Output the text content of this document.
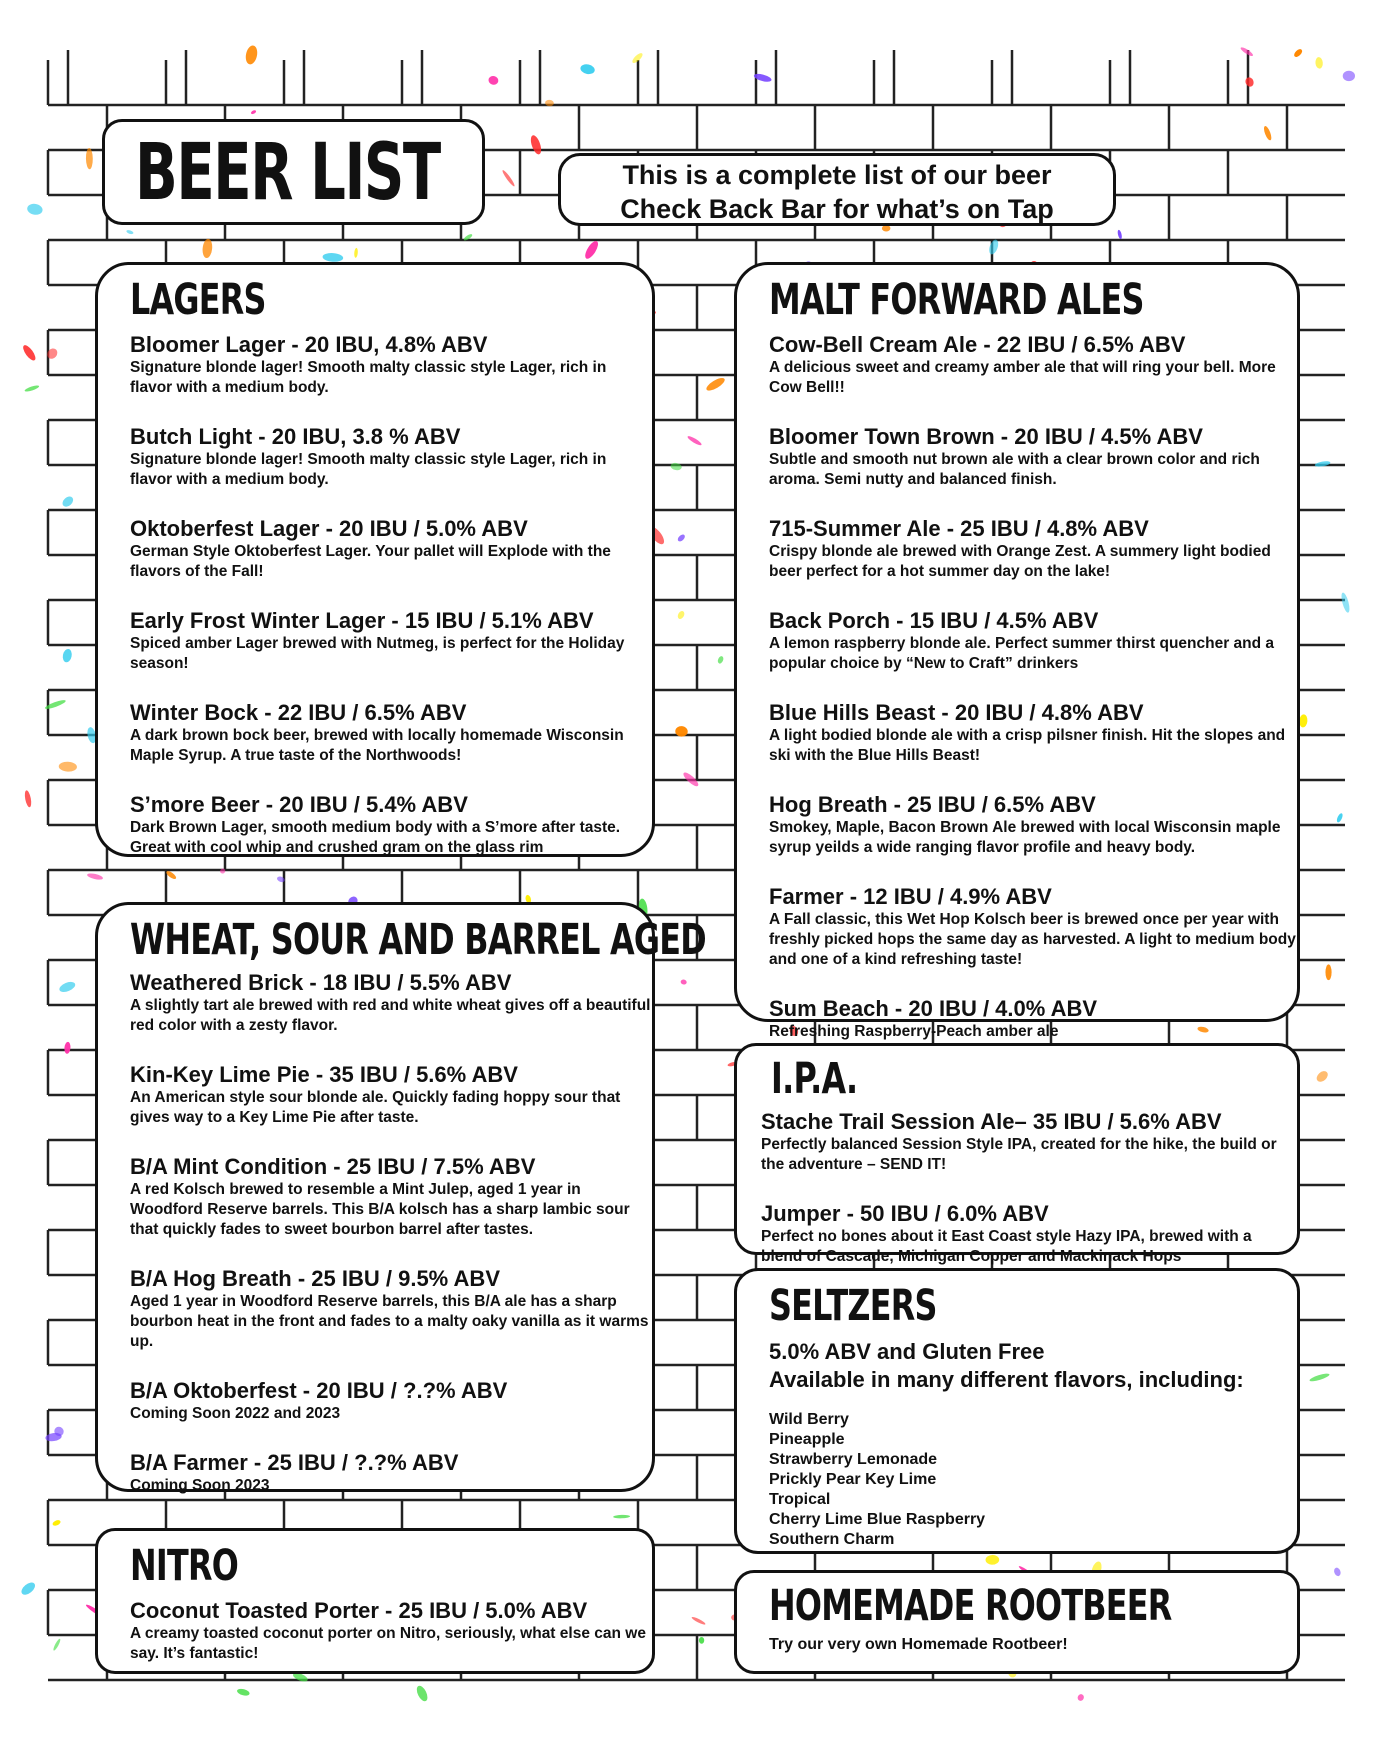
BEER LIST	This is a complete list of our beer
Check Back Bar for what’s on Tap
LAGERS
Bloomer Lager - 20 IBU, 4.8% ABV
Signature blonde lager! Smooth malty classic style Lager, rich in flavor with a medium body.
Butch Light - 20 IBU, 3.8 % ABV
Signature blonde lager! Smooth malty classic style Lager, rich in flavor with a medium body.
Oktoberfest Lager - 20 IBU / 5.0% ABV
German Style Oktoberfest Lager. Your pallet will Explode with the flavors of the Fall!
Early Frost Winter Lager - 15 IBU / 5.1% ABV
Spiced amber Lager brewed with Nutmeg, is perfect for the Holiday season!
Winter Bock - 22 IBU / 6.5% ABV
A dark brown bock beer, brewed with locally homemade Wisconsin Maple Syrup. A true taste of the Northwoods!
S’more Beer - 20 IBU / 5.4% ABV
Dark Brown Lager, smooth medium body with a S’more after taste. Great with cool whip and crushed gram on the glass rim
WHEAT, SOUR AND BARREL AGED
Weathered Brick - 18 IBU / 5.5% ABV
A slightly tart ale brewed with red and white wheat gives off a beautiful red color with a zesty flavor.
Kin-Key Lime Pie - 35 IBU / 5.6% ABV
An American style sour blonde ale. Quickly fading hoppy sour that gives way to a Key Lime Pie after taste.
B/A Mint Condition - 25 IBU / 7.5% ABV
A red Kolsch brewed to resemble a Mint Julep, aged 1 year in Woodford Reserve barrels. This B/A kolsch has a sharp lambic sour that quickly fades to sweet bourbon barrel after tastes.
B/A Hog Breath - 25 IBU / 9.5% ABV
Aged 1 year in Woodford Reserve barrels, this B/A ale has a sharp bourbon heat in the front and fades to a malty oaky vanilla as it warms up.
B/A Oktoberfest - 20 IBU / ?.?% ABV
Coming Soon 2022 and 2023
B/A Farmer - 25 IBU / ?.?% ABV
Coming Soon 2023
NITRO
Coconut Toasted Porter - 25 IBU / 5.0% ABV
A creamy toasted coconut porter on Nitro, seriously, what else can we say. It’s fantastic!
MALT FORWARD ALES
Cow-Bell Cream Ale - 22 IBU / 6.5% ABV
A delicious sweet and creamy amber ale that will ring your bell. More Cow Bell!!
Bloomer Town Brown - 20 IBU / 4.5% ABV
Subtle and smooth nut brown ale with a clear brown color and rich aroma. Semi nutty and balanced finish.
715-Summer Ale - 25 IBU / 4.8% ABV
Crispy blonde ale brewed with Orange Zest. A summery light bodied beer perfect for a hot summer day on the lake!
Back Porch - 15 IBU / 4.5% ABV
A lemon raspberry blonde ale. Perfect summer thirst quencher and a popular choice by “New to Craft” drinkers
Blue Hills Beast - 20 IBU / 4.8% ABV
A light bodied blonde ale with a crisp pilsner finish. Hit the slopes and ski with the Blue Hills Beast!
Hog Breath - 25 IBU / 6.5% ABV
Smokey, Maple, Bacon Brown Ale brewed with local Wisconsin maple syrup yeilds a wide ranging flavor profile and heavy body.
Farmer - 12 IBU / 4.9% ABV
A Fall classic, this Wet Hop Kolsch beer is brewed once per year with freshly picked hops the same day as harvested. A light to medium body and one of a kind refreshing taste!
Sum Beach - 20 IBU / 4.0% ABV
Refreshing Raspberry-Peach amber ale
I.P.A.
Stache Trail Session Ale– 35 IBU / 5.6% ABV
Perfectly balanced Session Style IPA, created for the hike, the build or the adventure – SEND IT!
Jumper - 50 IBU / 6.0% ABV
Perfect no bones about it East Coast style Hazy IPA, brewed with a blend of Cascade, Michigan Copper and Mackinack Hops
SELTZERS
5.0% ABV and Gluten Free
Available in many different flavors, including:
Wild Berry
Pineapple
Strawberry Lemonade
Prickly Pear Key Lime
Tropical
Cherry Lime Blue Raspberry
Southern Charm
HOMEMADE ROOTBEER
Try our very own Homemade Rootbeer!
